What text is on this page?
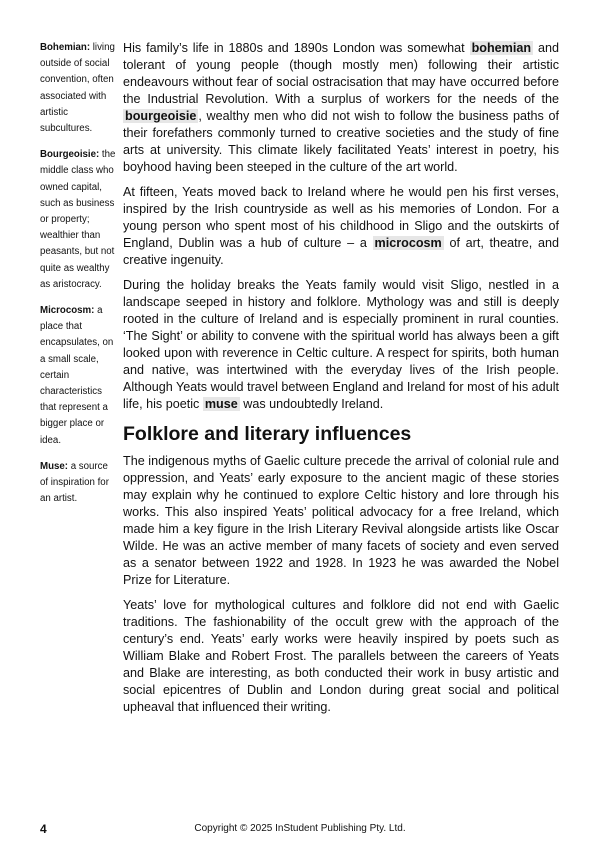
Bohemian: living outside of social convention, often associated with artistic subcultures.
Bourgeoisie: the middle class who owned capital, such as business or property; wealthier than peasants, but not quite as wealthy as aristocracy.
Microcosm: a place that encapsulates, on a small scale, certain characteristics that represent a bigger place or idea.
Muse: a source of inspiration for an artist.

His family’s life in 1880s and 1890s London was somewhat bohemian and tolerant of young people (though mostly men) following their artistic endeavours without fear of social ostracisation that may have occurred before the Industrial Revolution. With a surplus of workers for the needs of the bourgeoisie , wealthy men who did not wish to follow the business paths of their forefathers commonly turned to creative societies and the study of fine arts at university. This climate likely facilitated Yeats’ interest in poetry, his boyhood having been steeped in the culture of the art world.

At fifteen, Yeats moved back to Ireland where he would pen his first verses, inspired by the Irish countryside as well as his memories of London. For a young person who spent most of his childhood in Sligo and the outskirts of England, Dublin was a hub of culture – a microcosm of art, theatre, and creative ingenuity.

During the holiday breaks the Yeats family would visit Sligo, nestled in a landscape seeped in history and folklore. Mythology was and still is deeply rooted in the culture of Ireland and is especially prominent in rural counties. ‘The Sight’ or ability to convene with the spiritual world has always been a gift looked upon with reverence in Celtic culture. A respect for spirits, both human and native, was intertwined with the everyday lives of the Irish people. Although Yeats would travel between England and Ireland for most of his adult life, his poetic muse was undoubtedly Ireland.

Folklore and literary influences

The indigenous myths of Gaelic culture precede the arrival of colonial rule and oppression, and Yeats’ early exposure to the ancient magic of these stories may explain why he continued to explore Celtic history and lore through his works. This also inspired Yeats’ political advocacy for a free Ireland, which made him a key figure in the Irish Literary Revival alongside artists like Oscar Wilde. He was an active member of many facets of society and even served as a senator between 1922 and 1928. In 1923 he was awarded the Nobel Prize for Literature.

Yeats’ love for mythological cultures and folklore did not end with Gaelic traditions. The fashionability of the occult grew with the approach of the century’s end. Yeats’ early works were heavily inspired by poets such as William Blake and Robert Frost. The parallels between the careers of Yeats and Blake are interesting, as both conducted their work in busy artistic and social epicentres of Dublin and London during great social and political upheaval that influenced their writing.

4	Copyright © 2025 InStudent Publishing Pty. Ltd.
